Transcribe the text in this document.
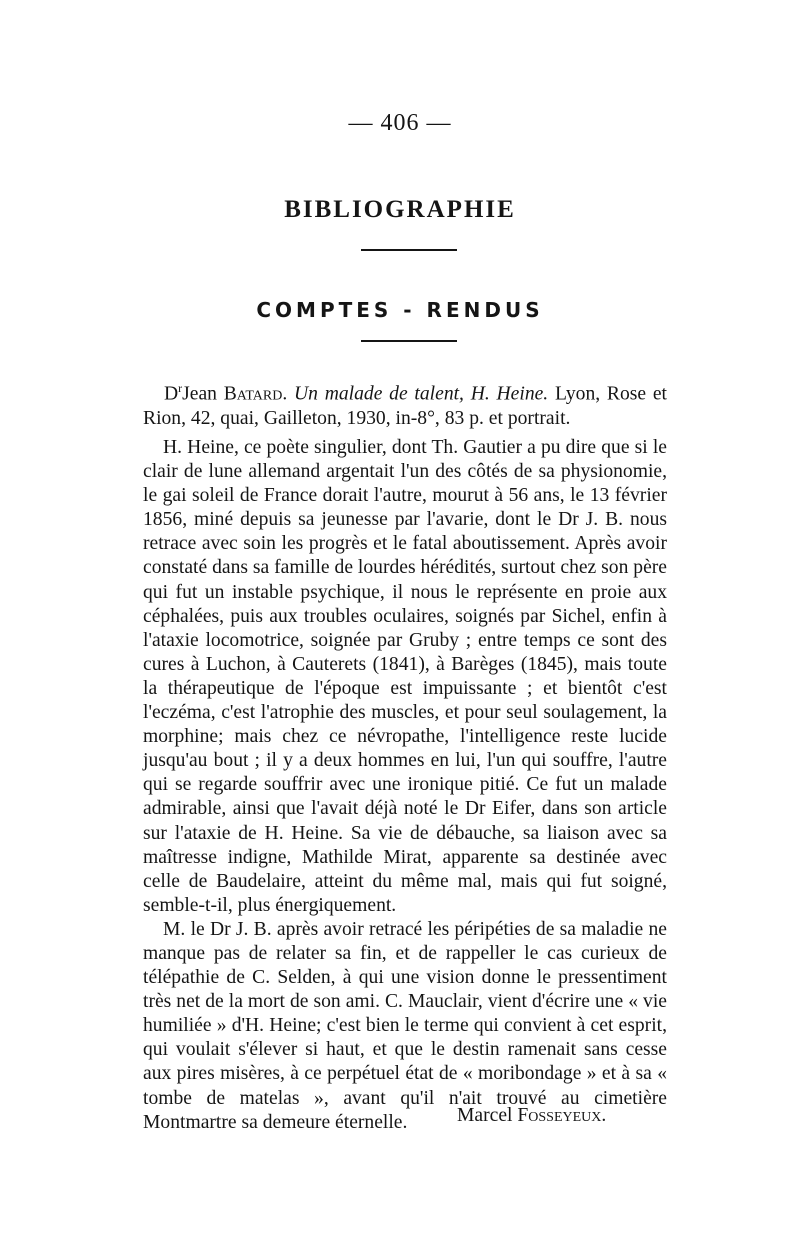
— 406 —
BIBLIOGRAPHIE
COMPTES - RENDUS
$D^rJean$ Batard. Un malade de talent, H. Heine. Lyon, Rose et Rion, 42, quai, Gailleton, 1930, in-8°, 83 p. et portrait.

H. Heine, ce poète singulier, dont Th. Gautier a pu dire que si le clair de lune allemand argentait l'un des côtés de sa physionomie, le gai soleil de France dorait l'autre, mourut à 56 ans, le 13 février 1856, miné depuis sa jeunesse par l'avarie, dont le Dr J. B. nous retrace avec soin les progrès et le fatal aboutissement. Après avoir constaté dans sa famille de lourdes hérédités, surtout chez son père qui fut un instable psychique, il nous le représente en proie aux céphalées, puis aux troubles oculaires, soignés par Sichel, enfin à l'ataxie locomotrice, soignée par Gruby ; entre temps ce sont des cures à Luchon, à Cauterets (1841), à Barèges (1845), mais toute la thérapeutique de l'époque est impuissante ; et bientôt c'est l'eczéma, c'est l'atrophie des muscles, et pour seul soulagement, la morphine; mais chez ce névropathe, l'intelligence reste lucide jusqu'au bout ; il y a deux hommes en lui, l'un qui souffre, l'autre qui se regarde souffrir avec une ironique pitié. Ce fut un malade admirable, ainsi que l'avait déjà noté le Dr Eifer, dans son article sur l'ataxie de H. Heine. Sa vie de débauche, sa liaison avec sa maîtresse indigne, Mathilde Mirat, apparente sa destinée avec celle de Baudelaire, atteint du même mal, mais qui fut soigné, semble-t-il, plus énergiquement.

M. le Dr J. B. après avoir retracé les péripéties de sa maladie ne manque pas de relater sa fin, et de rappeller le cas curieux de télépathie de C. Selden, à qui une vision donne le pressentiment très net de la mort de son ami. C. Mauclair, vient d'écrire une « vie humiliée » d'H. Heine; c'est bien le terme qui convient à cet esprit, qui voulait s'élever si haut, et que le destin ramenait sans cesse aux pires misères, à ce perpétuel état de « moribondage » et à sa « tombe de matelas », avant qu'il n'ait trouvé au cimetière Montmartre sa demeure éternelle.	Marcel Fosseyeux.
